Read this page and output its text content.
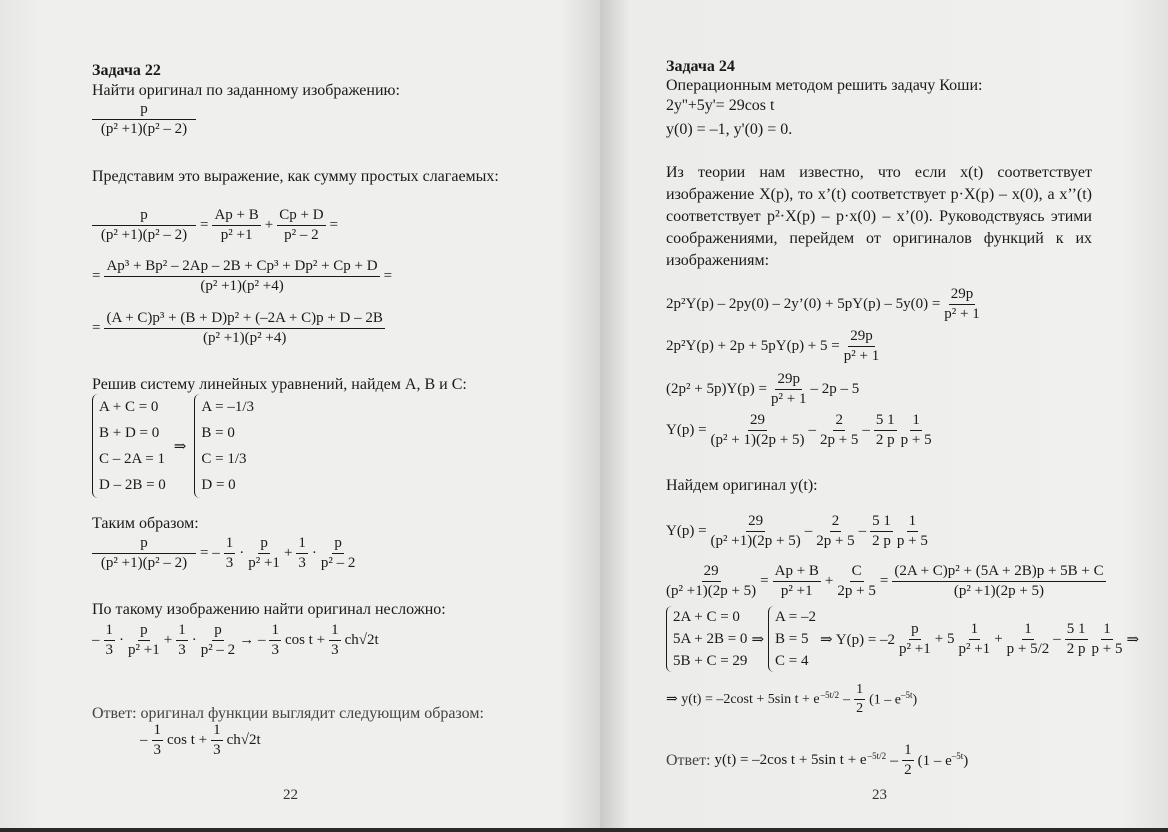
Задача 22
Найти оригинал по заданному изображению:
$\frac{p}{\text{(p² +1)(p² – 2)}}$
Представим это выражение, как сумму простых слагаемых:
$\frac{p}{\text{(p² +1)(p² – 2)}} = \frac{Ap + B}{\text{p² +1}} + \frac{Cp + D}{\text{p² – 2}}$ =
= $\frac{\text{Ap³ + Bp² – 2Ap – 2B + Cp³ + Dp² + Cp + D}}{\text{(p² +1)(p² +4)}}$ =
= $\frac{\text{(A + C)p³ + (B + D)p² + (–2A + C)p + D – 2B}}{\text{(p² +1)(p² +4)}}$
Решив систему линейных уравнений, найдем A, B и C:
A + C = 0
B + D = 0
C – 2A = 1
D – 2B = 0
⇒
A = –1/3
B = 0
C = 1/3
D = 0
Таким образом:
$\frac{p}{\text{(p² +1)(p² – 2)}}$ = – $\frac{1}{3} \cdot \frac{p}{\text{p² +1}} + \frac{1}{3} \cdot \frac{p}{\text{p² – 2}}$
По такому изображению найти оригинал несложно:
– $\frac{1}{3} \cdot \frac{p}{\text{p² +1}} + \frac{1}{3} \cdot \frac{p}{\text{p² – 2}}$ → – $\frac{1}{3}$ $\cos t + \frac{1}{3} ch√2t$
Ответ: оригинал функции выглядит следующим образом:
– $\frac{1}{3}$ $\cos t + \frac{1}{3} ch√2t$
22
Задача 24
Операционным методом решить задачу Коши:
2y''+5y'= 29cos t
y(0) = –1, y'(0) = 0.
Из теории нам известно, что если x(t) соответствует изображение X(p), то x’(t) соответствует p·X(p) – x(0), а x’’(t) соответствует p²·X(p) – p·x(0) – x’(0). Руководствуясь этими соображениями, перейдем от оригиналов функций к их изображениям:
2p²Y(p) – 2py(0) – 2y’(0) + $5pY(p) - 5y(0) = \frac{29p}{\text{p² + 1}}$
$2p^2Y(p) + 2p + 5pY(p) + 5 = \frac{29p}{\text{p² + 1}}$
$(2p^2 + 5p)Y(p) = \frac{29p}{\text{p² + 1}} - 2p - 5$
$Y(p) = \frac{29}{\text{(p² + 1)(2p + 5)}} - \frac{2}{2p + 5} - \frac{5 1}{2 p} \frac{1}{p + 5}$
Найдем оригинал y(t):
$Y(p) = \frac{29}{\text{(p² +1)(2p + 5)}} - \frac{2}{2p + 5} - \frac{5 1}{2 p} \frac{1}{p + 5}$
$\frac{29}{\text{(p² +1)(2p + 5)}} = \frac{Ap + B}{\text{p² +1}} + \frac{C}{2p + 5} = \frac{\text{(2A + C)p² + (5A + 2B)p + 5B + C}}{\text{(p² +1)(2p + 5)}}$
2A + C = 0
5A + 2B = 0
5B + C = 29
⇒
A = –2
B = 5
C = 4
⇒ $Y(p) = -2 \frac{p}{\text{p² +1}} + 5 \frac{1}{\text{p² +1}} + \frac{1}{p + 5/2} - \frac{5 1}{2 p} \frac{1}{p + 5}$ ⇒
⇒ y(t) = –2cost + 5sin $t + e^{-5t/2} - \frac{1}{2} (1 - e^{-5t})$
Ответ: y(t) = –2cos t + 5sin $t + e^{-5t/2} - \frac{1}{2} (1 - e^{-5t})$
23
